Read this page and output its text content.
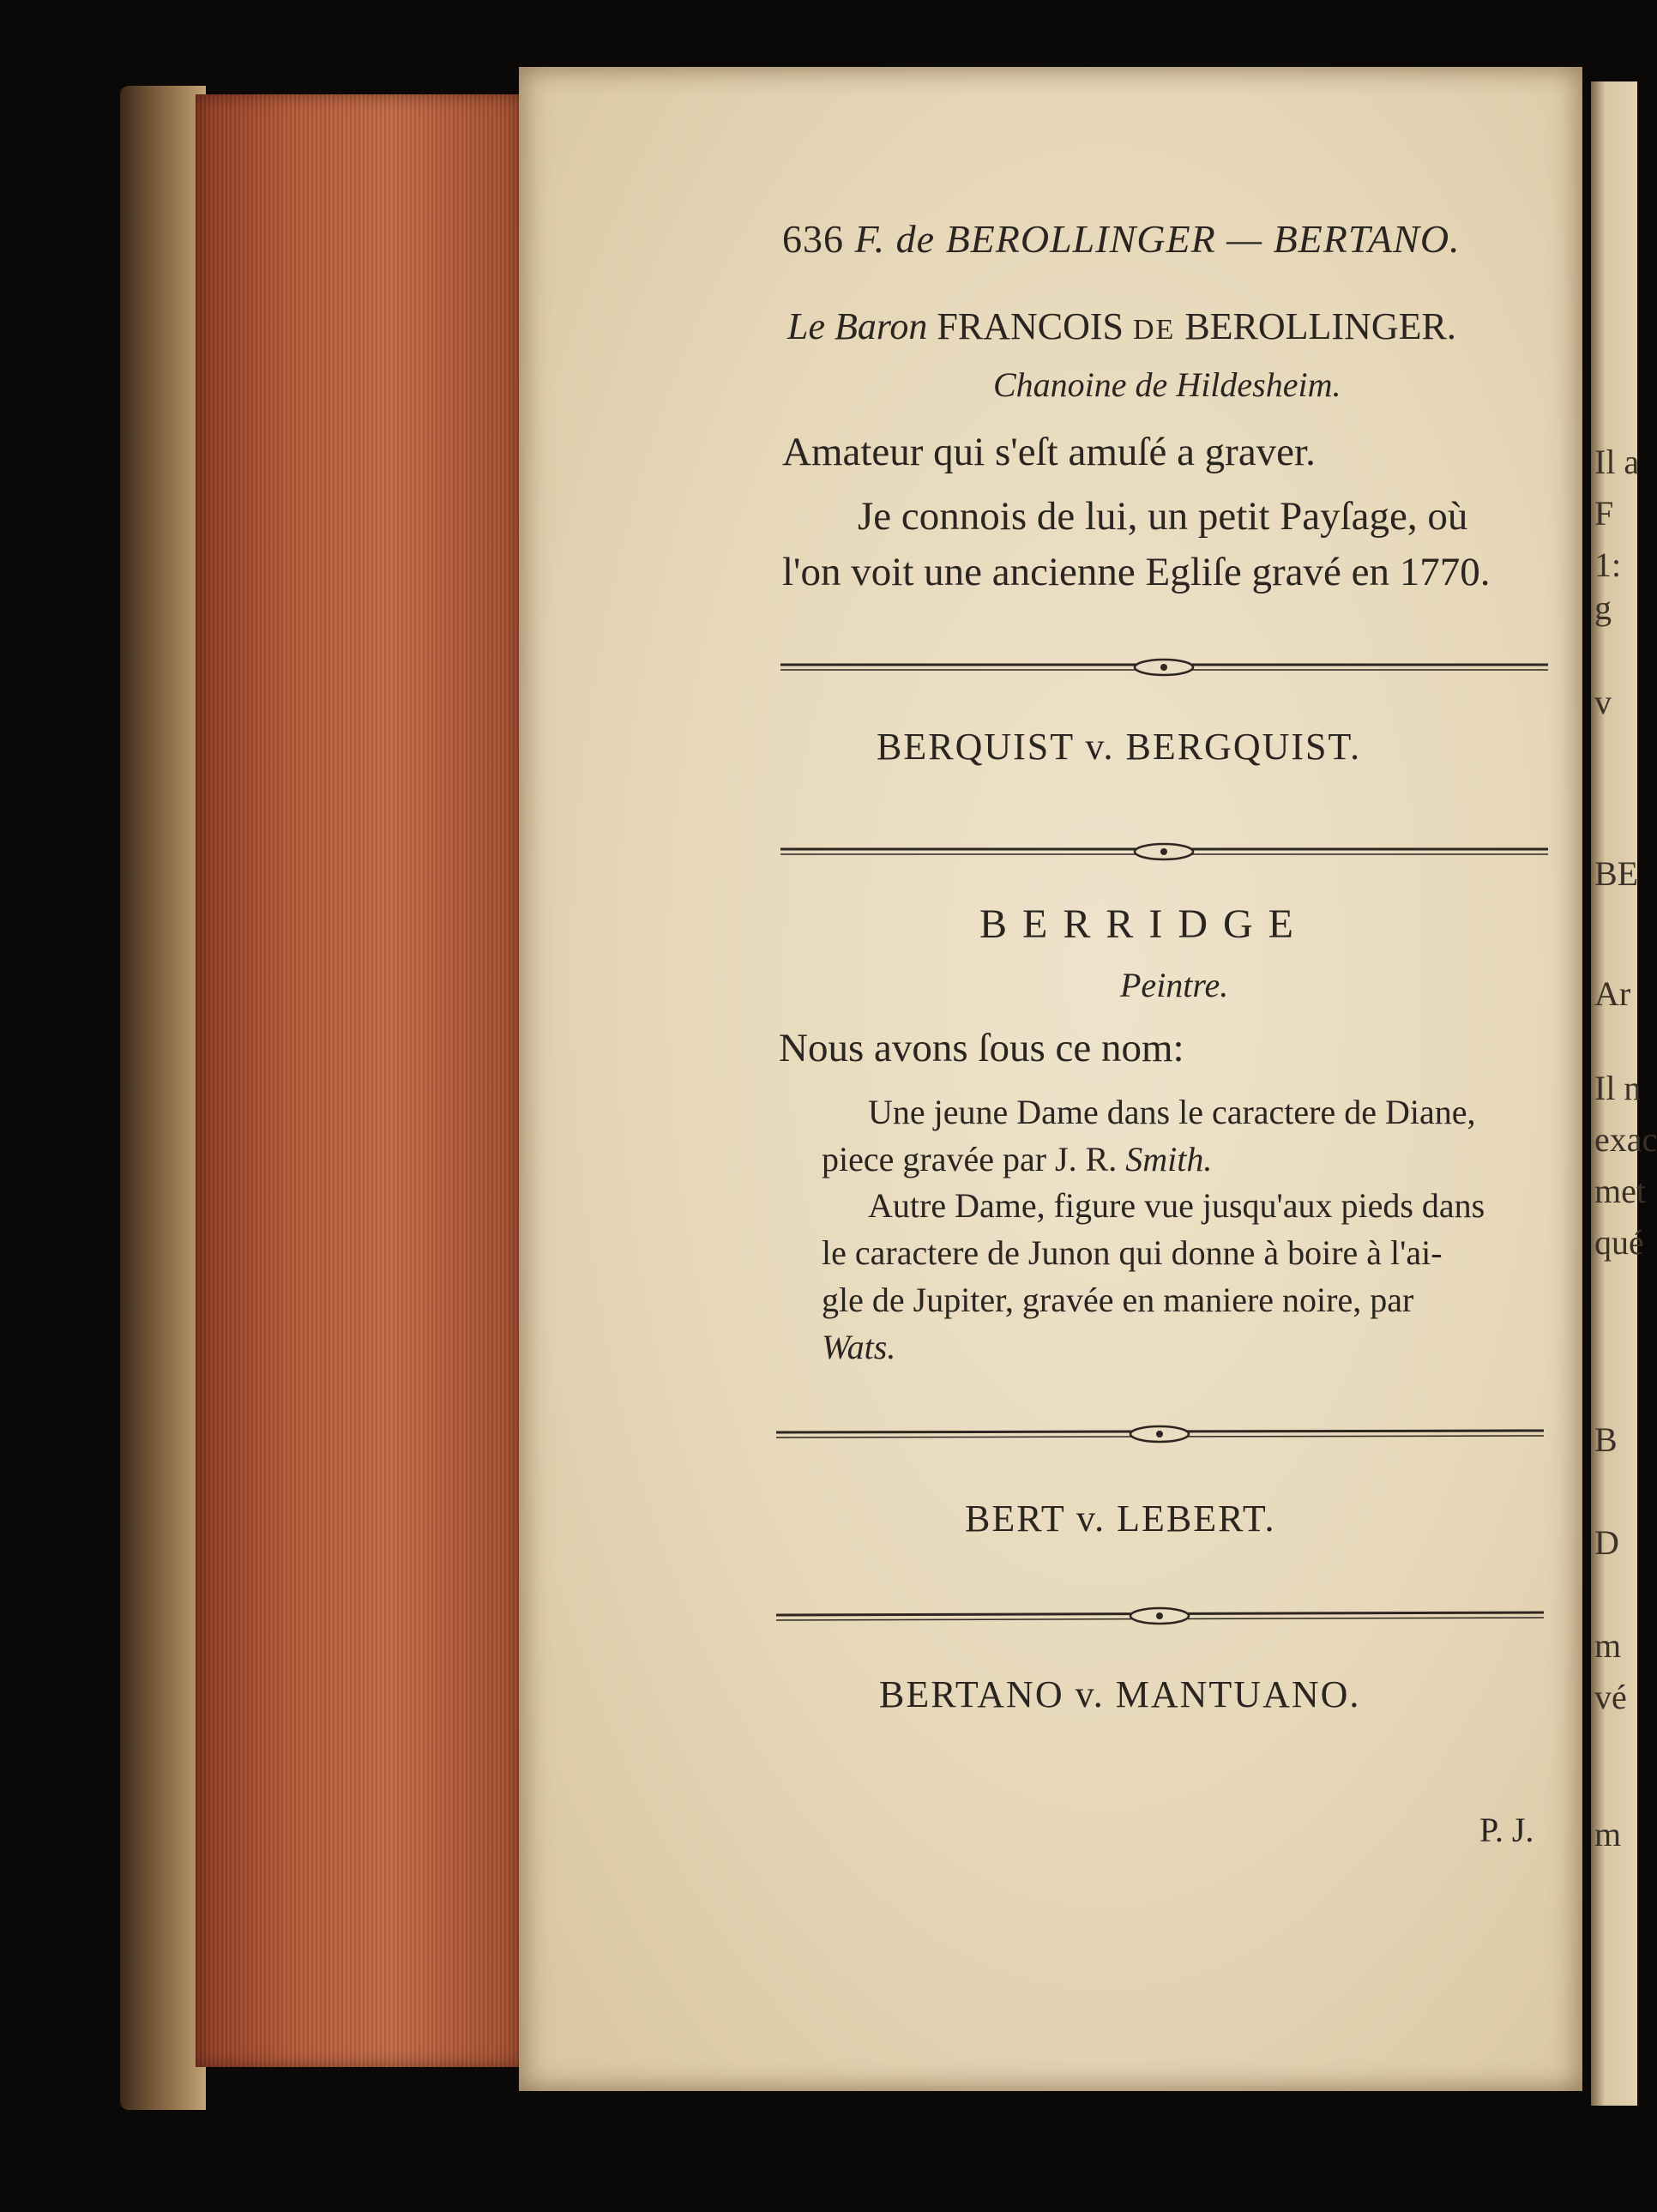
Il a
F
1:
g
v
BE
Ar
Il n
exac
met
qué
B
D
m
vé
m
636 F. de BEROLLINGER — BERTANO.
Le Baron FRANCOIS DE BEROLLINGER.
Chanoine de Hildesheim.
Amateur qui s'eſt amuſé a graver.
Je connois de lui, un petit Payſage, où
l'on voit une ancienne Egliſe gravé en 1770.
BERQUIST v. BERGQUIST.
BERRIDGE
Peintre.
Nous avons ſous ce nom:
Une jeune Dame dans le caractere de Diane,
piece gravée par J. R. Smith.
Autre Dame, figure vue jusqu'aux pieds dans
le caractere de Junon qui donne à boire à l'ai-
gle de Jupiter, gravée en maniere noire, par
Wats.
BERT v. LEBERT.
BERTANO v. MANTUANO.
P. J.
